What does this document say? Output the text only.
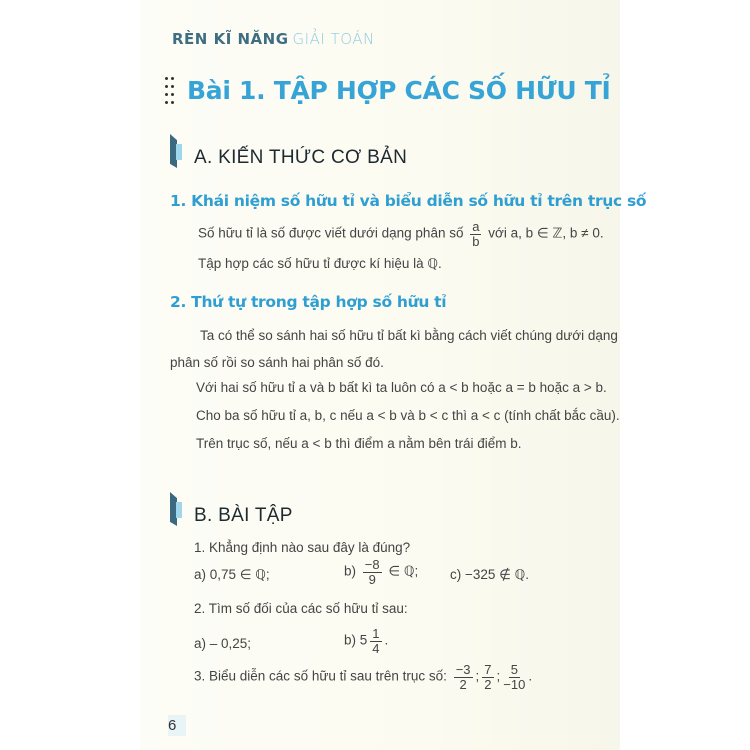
RÈN KĨ NĂNG GIẢI TOÁN
Bài 1. TẬP HỢP CÁC SỐ HỮU TỈ
A. KIẾN THỨC CƠ BẢN
1. Khái niệm số hữu tỉ và biểu diễn số hữu tỉ trên trục số
Số hữu tỉ là số được viết dưới dạng phân số $\frac{a}{b}$ với a, b ∈ ℤ, b ≠ 0.
Tập hợp các số hữu tỉ được kí hiệu là ℚ.
2. Thứ tự trong tập hợp số hữu tỉ
Ta có thể so sánh hai số hữu tỉ bất kì bằng cách viết chúng dưới dạng
phân số rồi so sánh hai phân số đó.
Với hai số hữu tỉ a và b bất kì ta luôn có a < b hoặc a = b hoặc a > b.
Cho ba số hữu tỉ a, b, c nếu a < b và b < c thì a < c (tính chất bắc cầu).
Trên trục số, nếu a < b thì điểm a nằm bên trái điểm b.
B. BÀI TẬP
1. Khẳng định nào sau đây là đúng?
a) 0,75 ∈ ℚ;	$b) \frac{-8}{9}$ ∈ ℚ; c) −325 ∉ ℚ.
2. Tìm số đối của các số hữu tỉ sau:
a) – 0,25;	b) $5 \frac{1}{4}$ .
3. Biểu diễn các số hữu tỉ sau trên trục số: $\frac{-3}{2}$ ; $\frac{7}{2}$ ; $\frac{5}{-10}$ .
6
